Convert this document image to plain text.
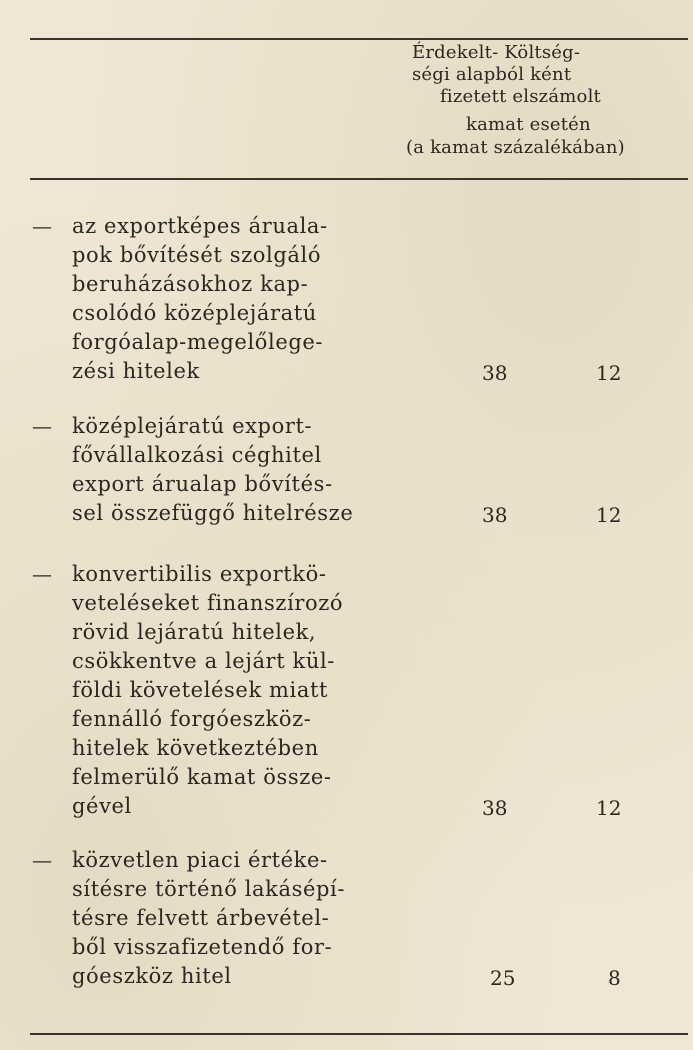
Érdekelt- Költség-
ségi alapból ként
fizetett elszámolt
kamat esetén
(a kamat százalékában)
— az exportképes áruala-
pok bővítését szolgáló
beruházásokhoz kap-
csolódó középlejáratú
forgóalap-megelőlege-
zési hitelek	38	12
— középlejáratú export-
fővállalkozási céghitel
export árualap bővítés-
sel összefüggő hitelrésze	38	12
— konvertibilis exportkö-
veteléseket finanszírozó
rövid lejáratú hitelek,
csökkentve a lejárt kül-
földi követelések miatt
fennálló forgóeszköz-
hitelek következtében
felmerülő kamat össze-
gével	38	12
— közvetlen piaci értéke-
sítésre történő lakásépí-
tésre felvett árbevétel-
ből visszafizetendő for-
góeszköz hitel	25	8
